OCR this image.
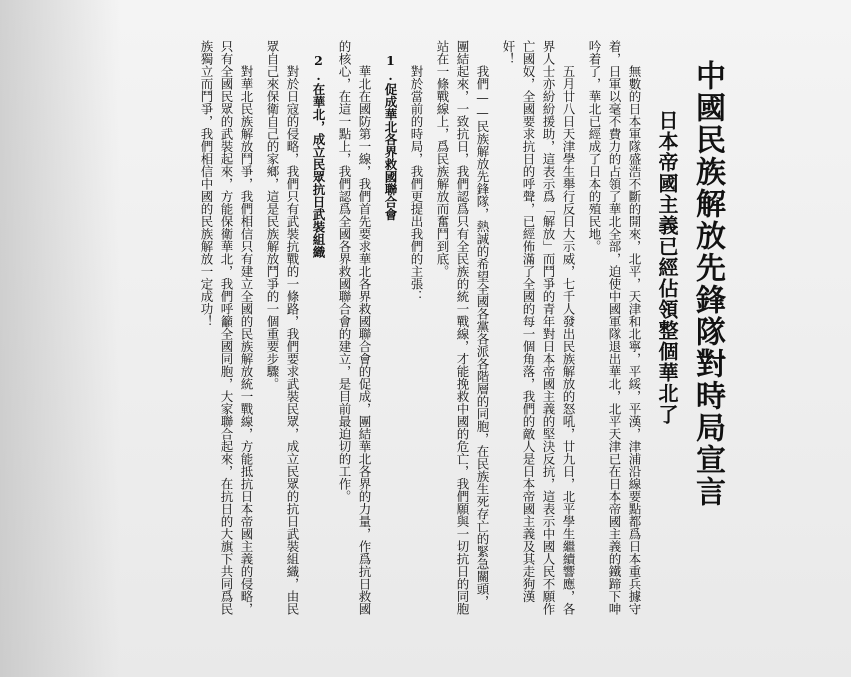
中國民族解放先鋒隊對時局宣言
日本帝國主義已經佔領整個華北了

無數的日本軍隊盛浩不斷的開來，北平，天津和北寧，平綏，平漢，津浦沿線要點都爲日本重兵據守着，日軍以毫不費力的占領了華北全部，迫使中國軍隊退出華北，北平天津已在日本帝國主義的鐵蹄下呻吟着了，華北已經成了日本的殖民地。

五月廿八日天津學生舉行反日大示威，七千人發出民族解放的怒吼，廿九日，北平學生繼續響應，各界人士亦紛紛援助，這表示爲「解放」而鬥爭的青年對日本帝國主義的堅決反抗，這表示中國人民不願作亡國奴，全國要求抗日的呼聲，已經佈滿了全國的每一個角落，我們的敵人是日本帝國主義及其走狗漢奸！

我們——民族解放先鋒隊，熱誠的希望全國各黨各派各階層的同胞，在民族生死存亡的緊急關頭，團結起來，一致抗日，我們認爲只有全民族的統一戰線，才能挽救中國的危亡，我們願與一切抗日的同胞站在一條戰線上，爲民族解放而奮鬥到底。

對於當前的時局，我們更提出我們的主張：

1.促成華北各界救國聯合會

華北在國防第一線，我們首先要求華北各界救國聯合會的促成，團結華北各界的力量，作爲抗日救國的核心，在這一點上，我們認爲全國各界救國聯合會的建立，是目前最迫切的工作。

2.在華北，成立民眾抗日武裝組織

對於日寇的侵略，我們只有武裝抗戰的一條路，我們要求武裝民眾，成立民眾的抗日武裝組織，由民眾自己來保衛自己的家鄉，這是民族解放鬥爭的一個重要步驟。

對華北民族解放鬥爭，我們相信只有建立全國的民族解放統一戰線，方能抵抗日本帝國主義的侵略，只有全國民眾的武裝起來，方能保衛華北，我們呼籲全國同胞，大家聯合起來，在抗日的大旗下共同爲民族獨立而鬥爭，我們相信中國的民族解放一定成功！
